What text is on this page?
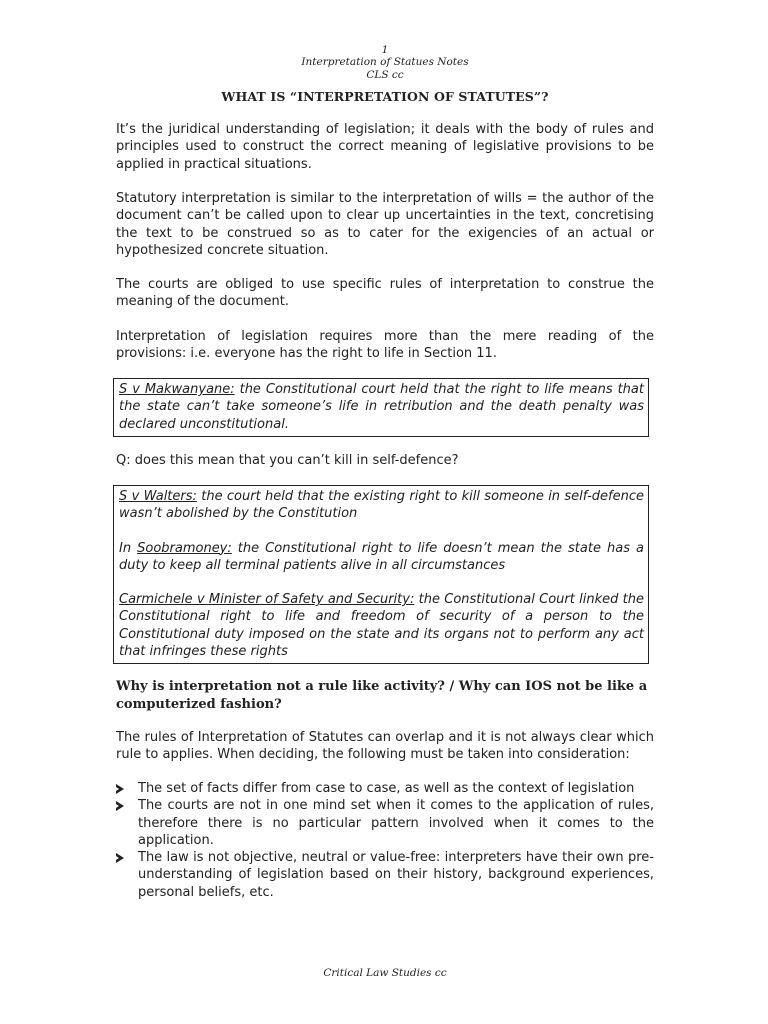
1
Interpretation of Statues Notes
CLS cc
WHAT IS “INTERPRETATION OF STATUTES”?

It’s the juridical understanding of legislation; it deals with the body of rules and principles used to construct the correct meaning of legislative provisions to be applied in practical situations.

Statutory interpretation is similar to the interpretation of wills = the author of the document can’t be called upon to clear up uncertainties in the text, concretising the text to be construed so as to cater for the exigencies of an actual or hypothesized concrete situation.

The courts are obliged to use specific rules of interpretation to construe the meaning of the document.

Interpretation of legislation requires more than the mere reading of the provisions: i.e. everyone has the right to life in Section 11.

S v Makwanyane: the Constitutional court held that the right to life means that the state can’t take someone’s life in retribution and the death penalty was declared unconstitutional.

Q: does this mean that you can’t kill in self-defence?

S v Walters: the court held that the existing right to kill someone in self-defence wasn’t abolished by the Constitution

In Soobramoney: the Constitutional right to life doesn’t mean the state has a duty to keep all terminal patients alive in all circumstances

Carmichele v Minister of Safety and Security: the Constitutional Court linked the Constitutional right to life and freedom of security of a person to the Constitutional duty imposed on the state and its organs not to perform any act that infringes these rights

Why is interpretation not a rule like activity? / Why can IOS not be like a computerized fashion?

The rules of Interpretation of Statutes can overlap and it is not always clear which rule to applies. When deciding, the following must be taken into consideration:

The set of facts differ from case to case, as well as the context of legislation
The courts are not in one mind set when it comes to the application of rules, therefore there is no particular pattern involved when it comes to the application.
The law is not objective, neutral or value-free: interpreters have their own pre-understanding of legislation based on their history, background experiences, personal beliefs, etc.
Critical Law Studies cc
